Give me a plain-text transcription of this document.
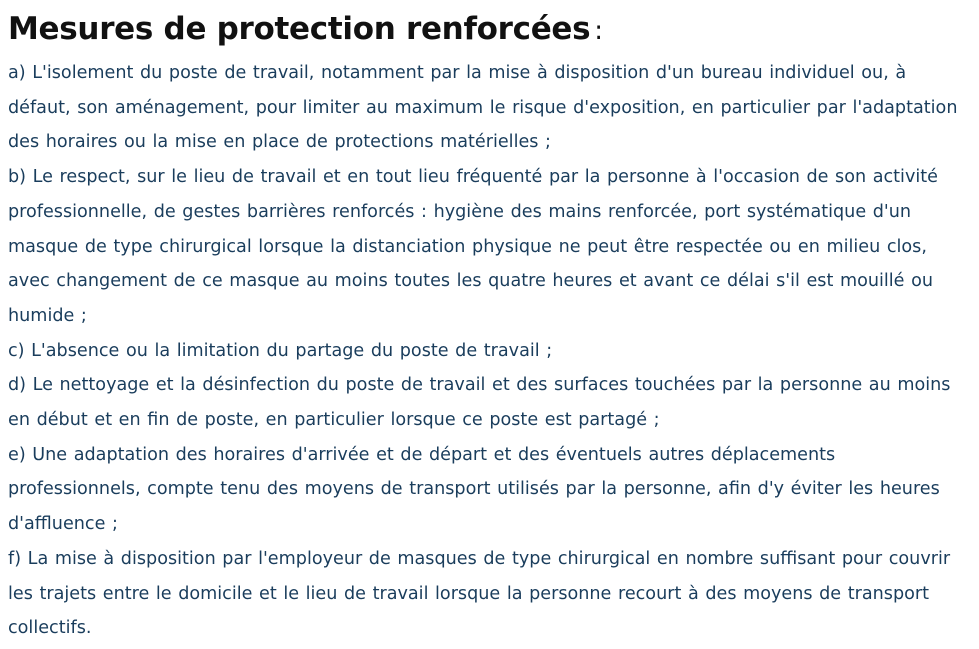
Mesures de protection renforcées :
a) L'isolement du poste de travail, notamment par la mise à disposition d'un bureau individuel ou, à défaut, son aménagement, pour limiter au maximum le risque d'exposition, en particulier par l'adaptation des horaires ou la mise en place de protections matérielles ;
b) Le respect, sur le lieu de travail et en tout lieu fréquenté par la personne à l'occasion de son activité professionnelle, de gestes barrières renforcés : hygiène des mains renforcée, port systématique d'un masque de type chirurgical lorsque la distanciation physique ne peut être respectée ou en milieu clos, avec changement de ce masque au moins toutes les quatre heures et avant ce délai s'il est mouillé ou humide ;
c) L'absence ou la limitation du partage du poste de travail ;
d) Le nettoyage et la désinfection du poste de travail et des surfaces touchées par la personne au moins en début et en fin de poste, en particulier lorsque ce poste est partagé ;
e) Une adaptation des horaires d'arrivée et de départ et des éventuels autres déplacements professionnels, compte tenu des moyens de transport utilisés par la personne, afin d'y éviter les heures d'affluence ;
f) La mise à disposition par l'employeur de masques de type chirurgical en nombre suffisant pour couvrir les trajets entre le domicile et le lieu de travail lorsque la personne recourt à des moyens de transport collectifs.
